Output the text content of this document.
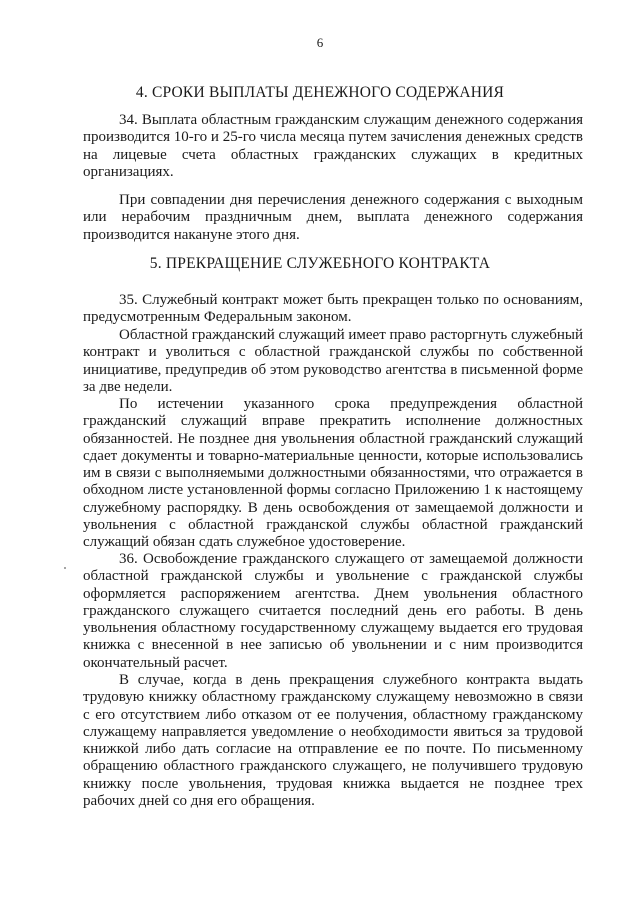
6
4. СРОКИ ВЫПЛАТЫ ДЕНЕЖНОГО СОДЕРЖАНИЯ

34. Выплата областным гражданским служащим денежного содержания производится 10-го и 25-го числа месяца путем зачисления денежных средств на лицевые счета областных гражданских служащих в кредитных организациях.

При совпадении дня перечисления денежного содержания с выходным или нерабочим праздничным днем, выплата денежного содержания производится накануне этого дня.

5. ПРЕКРАЩЕНИЕ СЛУЖЕБНОГО КОНТРАКТА

35. Служебный контракт может быть прекращен только по основаниям, предусмотренным Федеральным законом.

Областной гражданский служащий имеет право расторгнуть служебный контракт и уволиться с областной гражданской службы по собственной инициативе, предупредив об этом руководство агентства в письменной форме за две недели.

По истечении указанного срока предупреждения областной гражданский служащий вправе прекратить исполнение должностных обязанностей. Не позднее дня увольнения областной гражданский служащий сдает документы и товарно-материальные ценности, которые использовались им в связи с выполняемыми должностными обязанностями, что отражается в обходном листе установленной формы согласно Приложению 1 к настоящему служебному распорядку. В день освобождения от замещаемой должности и увольнения с областной гражданской службы областной гражданский служащий обязан сдать служебное удостоверение.

36. Освобождение гражданского служащего от замещаемой должности областной гражданской службы и увольнение с гражданской службы оформляется распоряжением агентства. Днем увольнения областного гражданского служащего считается последний день его работы. В день увольнения областному государственному служащему выдается его трудовая книжка с внесенной в нее записью об увольнении и с ним производится окончательный расчет.

В случае, когда в день прекращения служебного контракта выдать трудовую книжку областному гражданскому служащему невозможно в связи с его отсутствием либо отказом от ее получения, областному гражданскому служащему направляется уведомление о необходимости явиться за трудовой книжкой либо дать согласие на отправление ее по почте. По письменному обращению областного гражданского служащего, не получившего трудовую книжку после увольнения, трудовая книжка выдается не позднее трех рабочих дней со дня его обращения.
